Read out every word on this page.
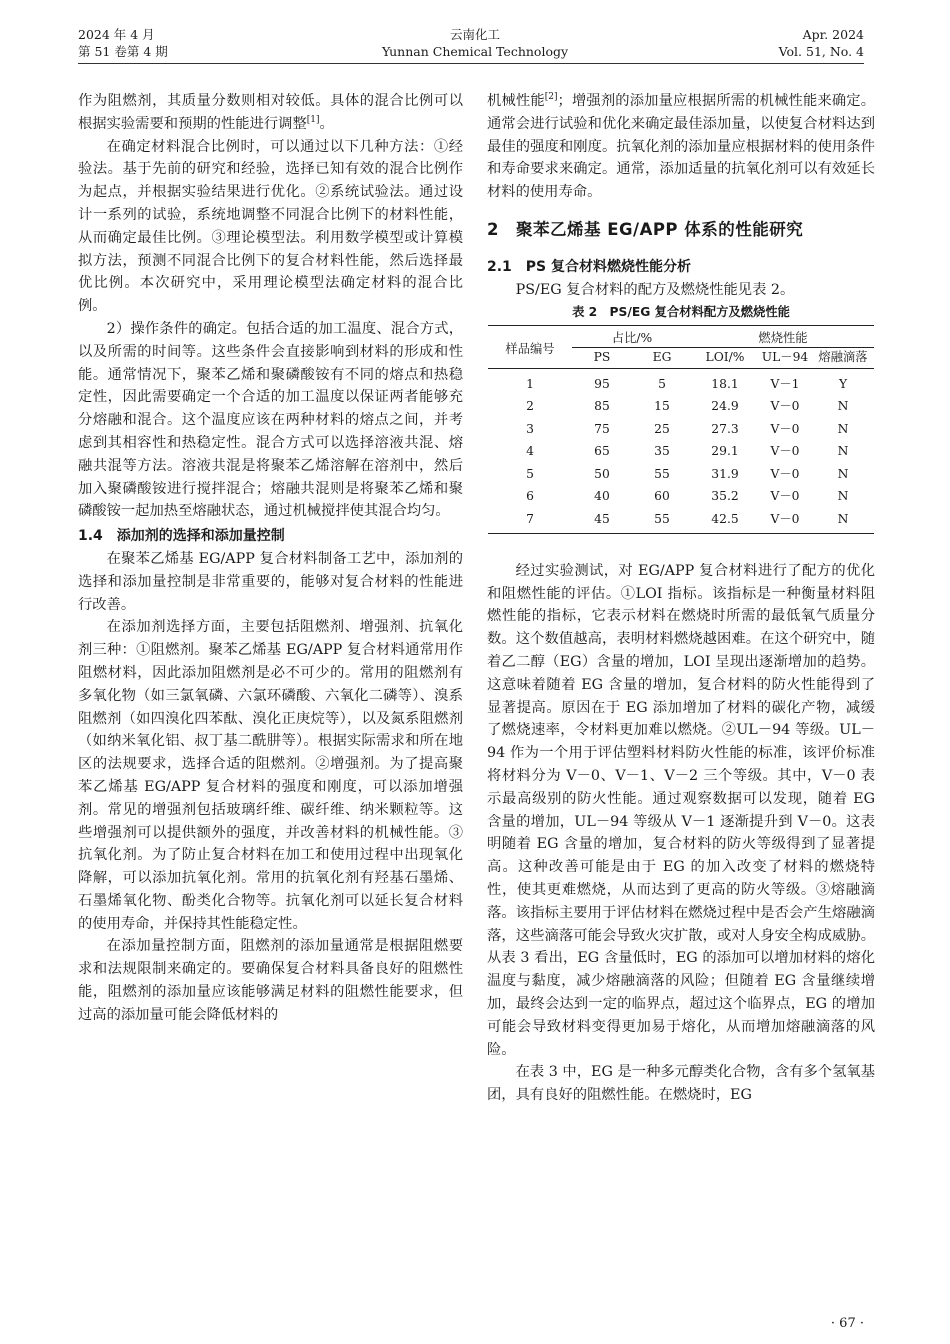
2024 年 4 月
第 51 卷第 4 期
云南化工
Yunnan Chemical Technology
Apr. 2024
Vol. 51, No. 4

作为阻燃剂，其质量分数则相对较低。具体的混合比例可以根据实验需要和预期的性能进行调整[1]。

在确定材料混合比例时，可以通过以下几种方法：①经验法。基于先前的研究和经验，选择已知有效的混合比例作为起点，并根据实验结果进行优化。②系统试验法。通过设计一系列的试验，系统地调整不同混合比例下的材料性能，从而确定最佳比例。③理论模型法。利用数学模型或计算模拟方法，预测不同混合比例下的复合材料性能，然后选择最优比例。本次研究中，采用理论模型法确定材料的混合比例。

2）操作条件的确定。包括合适的加工温度、混合方式，以及所需的时间等。这些条件会直接影响到材料的形成和性能。通常情况下，聚苯乙烯和聚磷酸铵有不同的熔点和热稳定性，因此需要确定一个合适的加工温度以保证两者能够充分熔融和混合。这个温度应该在两种材料的熔点之间，并考虑到其相容性和热稳定性。混合方式可以选择溶液共混、熔融共混等方法。溶液共混是将聚苯乙烯溶解在溶剂中，然后加入聚磷酸铵进行搅拌混合；熔融共混则是将聚苯乙烯和聚磷酸铵一起加热至熔融状态，通过机械搅拌使其混合均匀。

1.4　添加剂的选择和添加量控制

在聚苯乙烯基 EG/APP 复合材料制备工艺中，添加剂的选择和添加量控制是非常重要的，能够对复合材料的性能进行改善。

在添加剂选择方面，主要包括阻燃剂、增强剂、抗氧化剂三种：①阻燃剂。聚苯乙烯基 EG/APP 复合材料通常用作阻燃材料，因此添加阻燃剂是必不可少的。常用的阻燃剂有多氧化物（如三氯氧磷、六氯环磷酸、六氧化二磷等）、溴系阻燃剂（如四溴化四苯酞、溴化正庚烷等），以及氮系阻燃剂（如纳米氧化铝、叔丁基二酰肼等）。根据实际需求和所在地区的法规要求，选择合适的阻燃剂。②增强剂。为了提高聚苯乙烯基 EG/APP 复合材料的强度和刚度，可以添加增强剂。常见的增强剂包括玻璃纤维、碳纤维、纳米颗粒等。这些增强剂可以提供额外的强度，并改善材料的机械性能。③抗氧化剂。为了防止复合材料在加工和使用过程中出现氧化降解，可以添加抗氧化剂。常用的抗氧化剂有羟基石墨烯、石墨烯氧化物、酚类化合物等。抗氧化剂可以延长复合材料的使用寿命，并保持其性能稳定性。

在添加量控制方面，阻燃剂的添加量通常是根据阻燃要求和法规限制来确定的。要确保复合材料具备良好的阻燃性能，阻燃剂的添加量应该能够满足材料的阻燃性能要求，但过高的添加量可能会降低材料的

机械性能[2]；增强剂的添加量应根据所需的机械性能来确定。通常会进行试验和优化来确定最佳添加量，以使复合材料达到最佳的强度和刚度。抗氧化剂的添加量应根据材料的使用条件和寿命要求来确定。通常，添加适量的抗氧化剂可以有效延长材料的使用寿命。

2　聚苯乙烯基 EG/APP 体系的性能研究
2.1　PS 复合材料燃烧性能分析

PS/EG 复合材料的配方及燃烧性能见表 2。

表 2　PS/EG 复合材料配方及燃烧性能
样品编号	占比/%		燃烧性能		
	PS	EG	LOI/%	UL－94	熔融滴落
1	95	5	18.1	V－1	Y
2	85	15	24.9	V－0	N
3	75	25	27.3	V－0	N
4	65	35	29.1	V－0	N
5	50	55	31.9	V－0	N
6	40	60	35.2	V－0	N
7	45	55	42.5	V－0	N

经过实验测试，对 EG/APP 复合材料进行了配方的优化和阻燃性能的评估。①LOI 指标。该指标是一种衡量材料阻燃性能的指标，它表示材料在燃烧时所需的最低氧气质量分数。这个数值越高，表明材料燃烧越困难。在这个研究中，随着乙二醇（EG）含量的增加，LOI 呈现出逐渐增加的趋势。这意味着随着 EG 含量的增加，复合材料的防火性能得到了显著提高。原因在于 EG 添加增加了材料的碳化产物，减缓了燃烧速率，令材料更加难以燃烧。②UL－94 等级。UL－94 作为一个用于评估塑料材料防火性能的标准，该评价标准将材料分为 V－0、V－1、V－2 三个等级。其中，V－0 表示最高级别的防火性能。通过观察数据可以发现，随着 EG 含量的增加，UL－94 等级从 V－1 逐渐提升到 V－0。这表明随着 EG 含量的增加，复合材料的防火等级得到了显著提高。这种改善可能是由于 EG 的加入改变了材料的燃烧特性，使其更难燃烧，从而达到了更高的防火等级。③熔融滴落。该指标主要用于评估材料在燃烧过程中是否会产生熔融滴落，这些滴落可能会导致火灾扩散，或对人身安全构成威胁。从表 3 看出，EG 含量低时，EG 的添加可以增加材料的熔化温度与黏度，减少熔融滴落的风险；但随着 EG 含量继续增加，最终会达到一定的临界点，超过这个临界点，EG 的增加可能会导致材料变得更加易于熔化，从而增加熔融滴落的风险。

在表 3 中，EG 是一种多元醇类化合物，含有多个氢氧基团，具有良好的阻燃性能。在燃烧时，EG

· 67 ·
